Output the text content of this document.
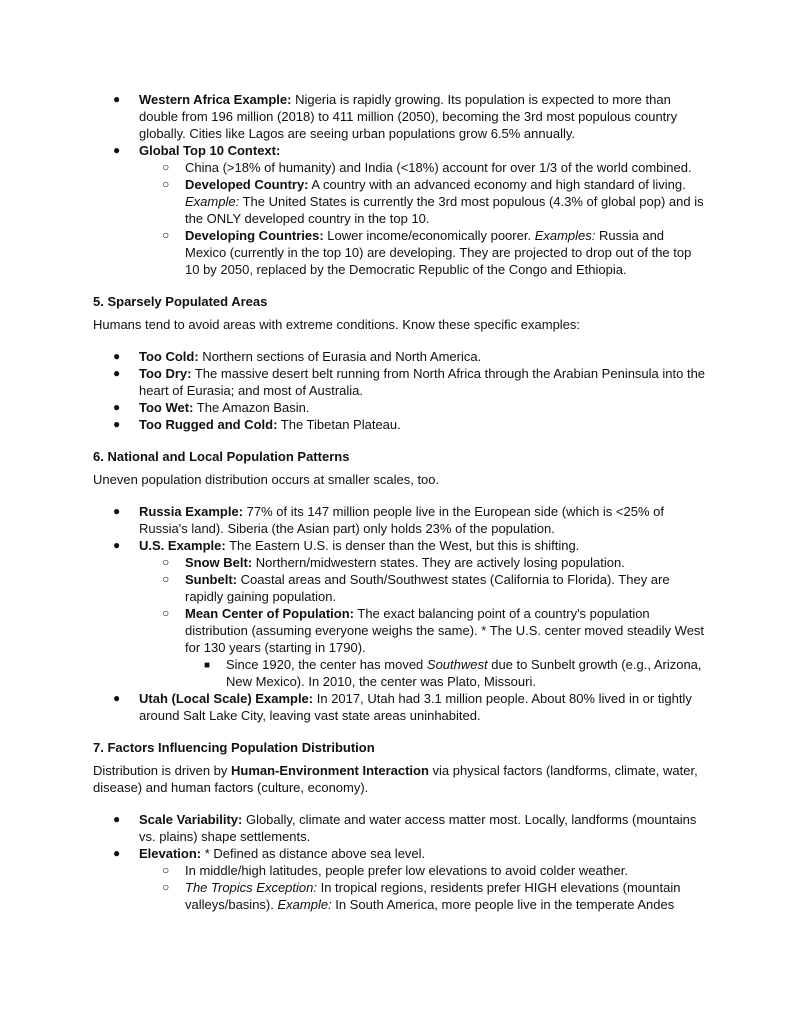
● Western Africa Example: Nigeria is rapidly growing. Its population is expected to more than double from 196 million (2018) to 411 million (2050), becoming the 3rd most populous country globally. Cities like Lagos are seeing urban populations grow 6.5% annually.
● Global Top 10 Context:
○ China (>18% of humanity) and India (<18%) account for over 1/3 of the world combined.
○ Developed Country: A country with an advanced economy and high standard of living. Example: The United States is currently the 3rd most populous (4.3% of global pop) and is the ONLY developed country in the top 10.
○ Developing Countries: Lower income/economically poorer. Examples: Russia and Mexico (currently in the top 10) are developing. They are projected to drop out of the top 10 by 2050, replaced by the Democratic Republic of the Congo and Ethiopia.
5. Sparsely Populated Areas
Humans tend to avoid areas with extreme conditions. Know these specific examples:
● Too Cold: Northern sections of Eurasia and North America.
● Too Dry: The massive desert belt running from North Africa through the Arabian Peninsula into the heart of Eurasia; and most of Australia.
● Too Wet: The Amazon Basin.
● Too Rugged and Cold: The Tibetan Plateau.
6. National and Local Population Patterns
Uneven population distribution occurs at smaller scales, too.
● Russia Example: 77% of its 147 million people live in the European side (which is <25% of Russia's land). Siberia (the Asian part) only holds 23% of the population.
● U.S. Example: The Eastern U.S. is denser than the West, but this is shifting.
○ Snow Belt: Northern/midwestern states. They are actively losing population.
○ Sunbelt: Coastal areas and South/Southwest states (California to Florida). They are rapidly gaining population.
○ Mean Center of Population: The exact balancing point of a country's population distribution (assuming everyone weighs the same). * The U.S. center moved steadily West for 130 years (starting in 1790).
■ Since 1920, the center has moved Southwest due to Sunbelt growth (e.g., Arizona, New Mexico). In 2010, the center was Plato, Missouri.
● Utah (Local Scale) Example: In 2017, Utah had 3.1 million people. About 80% lived in or tightly around Salt Lake City, leaving vast state areas uninhabited.
7. Factors Influencing Population Distribution
Distribution is driven by Human-Environment Interaction via physical factors (landforms, climate, water, disease) and human factors (culture, economy).
● Scale Variability: Globally, climate and water access matter most. Locally, landforms (mountains vs. plains) shape settlements.
● Elevation: * Defined as distance above sea level.
○ In middle/high latitudes, people prefer low elevations to avoid colder weather.
○ The Tropics Exception: In tropical regions, residents prefer HIGH elevations (mountain valleys/basins). Example: In South America, more people live in the temperate Andes
